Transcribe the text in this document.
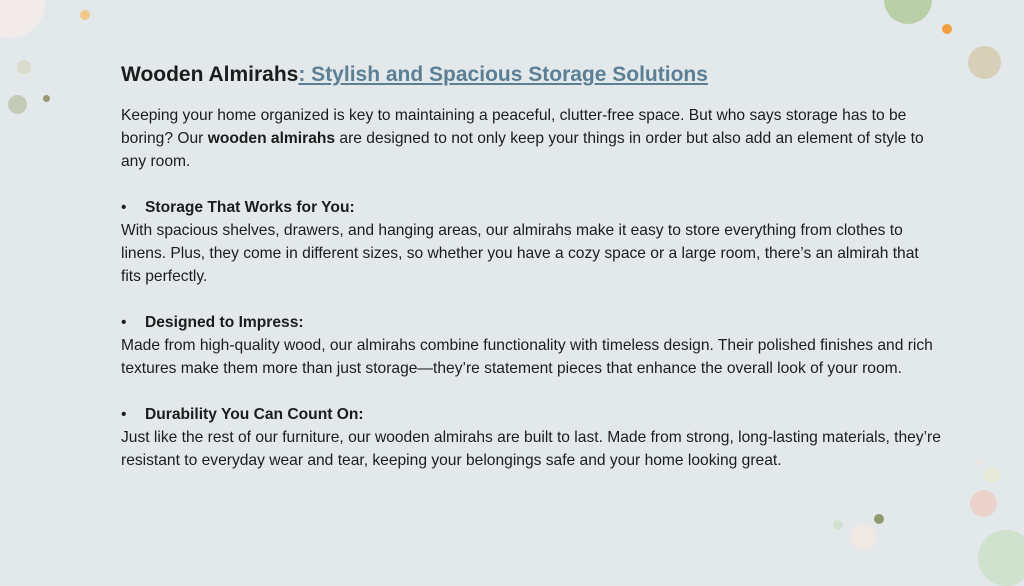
Wooden Almirahs: Stylish and Spacious Storage Solutions

Keeping your home organized is key to maintaining a peaceful, clutter-free space. But who says storage has to be boring? Our wooden almirahs are designed to not only keep your things in order but also add an element of style to any room.

•	Storage That Works for You:

With spacious shelves, drawers, and hanging areas, our almirahs make it easy to store everything from clothes to linens. Plus, they come in different sizes, so whether you have a cozy space or a large room, there’s an almirah that fits perfectly.

•	Designed to Impress:

Made from high-quality wood, our almirahs combine functionality with timeless design. Their polished finishes and rich textures make them more than just storage—they’re statement pieces that enhance the overall look of your room.

•	Durability You Can Count On:

Just like the rest of our furniture, our wooden almirahs are built to last. Made from strong, long-lasting materials, they’re resistant to everyday wear and tear, keeping your belongings safe and your home looking great.
